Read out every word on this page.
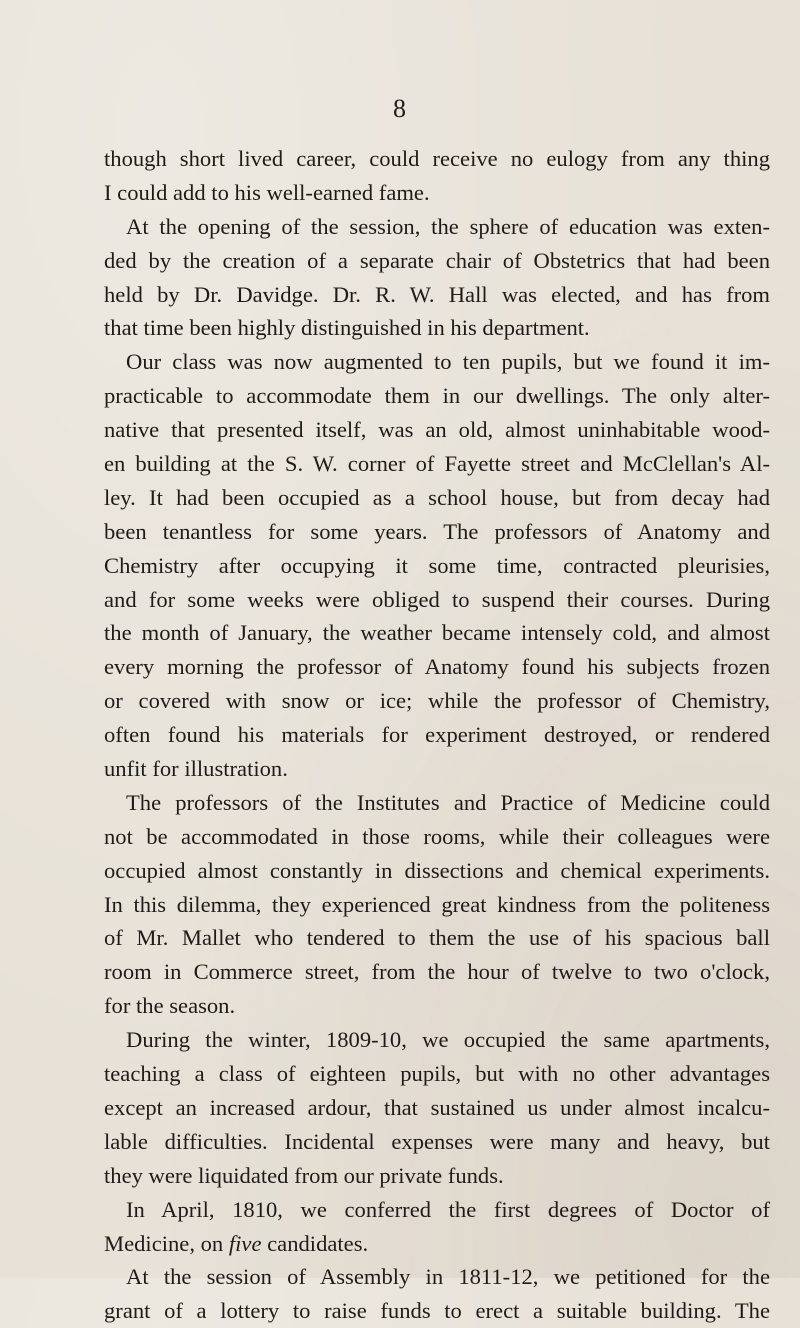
8
though short lived career, could receive no eulogy from any thing
I could add to his well-earned fame.
At the opening of the session, the sphere of education was exten-
ded by the creation of a separate chair of Obstetrics that had been
held by Dr. Davidge. Dr. R. W. Hall was elected, and has from
that time been highly distinguished in his department.
Our class was now augmented to ten pupils, but we found it im-
practicable to accommodate them in our dwellings. The only alter-
native that presented itself, was an old, almost uninhabitable wood-
en building at the S. W. corner of Fayette street and McClellan's Al-
ley. It had been occupied as a school house, but from decay had
been tenantless for some years. The professors of Anatomy and
Chemistry after occupying it some time, contracted pleurisies,
and for some weeks were obliged to suspend their courses. During
the month of January, the weather became intensely cold, and almost
every morning the professor of Anatomy found his subjects frozen
or covered with snow or ice; while the professor of Chemistry,
often found his materials for experiment destroyed, or rendered
unfit for illustration.
The professors of the Institutes and Practice of Medicine could
not be accommodated in those rooms, while their colleagues were
occupied almost constantly in dissections and chemical experiments.
In this dilemma, they experienced great kindness from the politeness
of Mr. Mallet who tendered to them the use of his spacious ball
room in Commerce street, from the hour of twelve to two o'clock,
for the season.
During the winter, 1809-10, we occupied the same apartments,
teaching a class of eighteen pupils, but with no other advantages
except an increased ardour, that sustained us under almost incalcu-
lable difficulties. Incidental expenses were many and heavy, but
they were liquidated from our private funds.
In April, 1810, we conferred the first degrees of Doctor of
Medicine, on five candidates.
At the session of Assembly in 1811-12, we petitioned for the
grant of a lottery to raise funds to erect a suitable building. The
